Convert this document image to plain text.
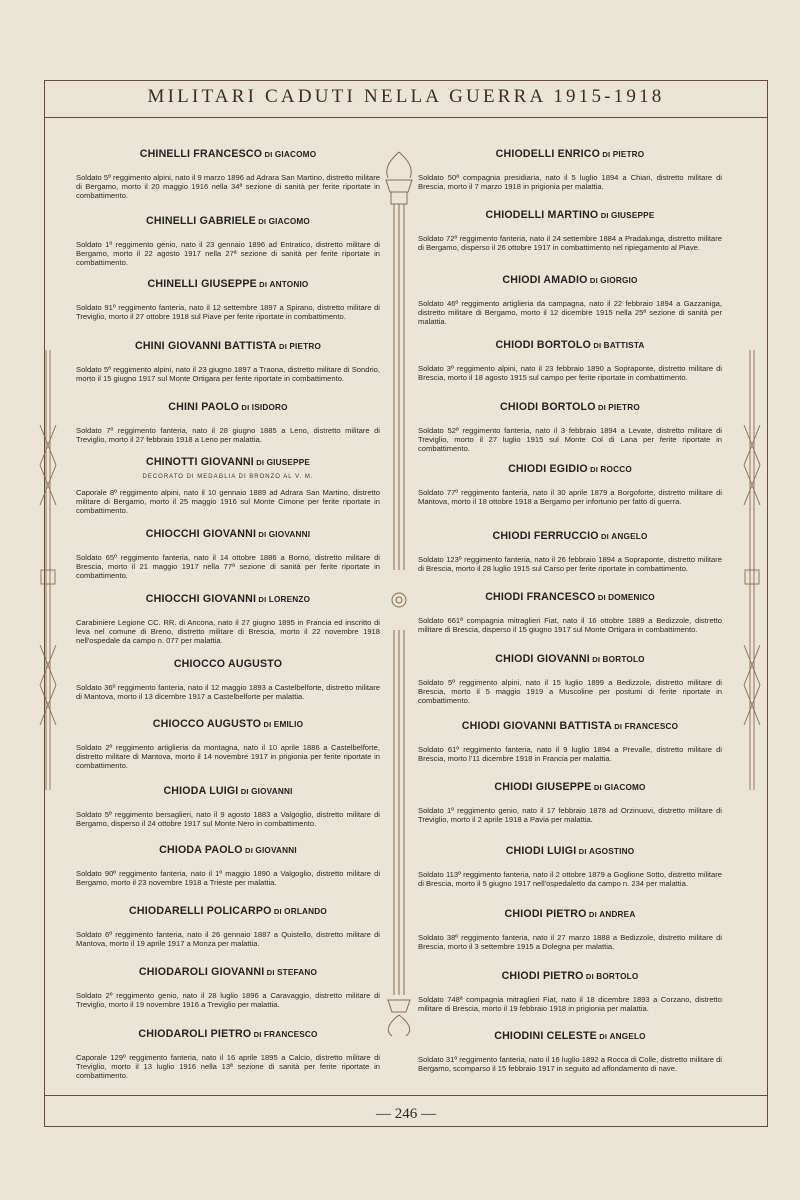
MILITARI CADUTI NELLA GUERRA 1915-1918
CHINELLI FRANCESCO DI GIACOMO

Soldato 5º reggimento alpini, nato il 9 marzo 1896 ad Adrara San Martino, distretto militare di Bergamo, morto il 20 maggio 1916 nella 34ª sezione di sanità per ferite riportate in combattimento.

CHINELLI GABRIELE DI GIACOMO

Soldato 1º reggimento genio, nato il 23 gennaio 1896 ad Entratico, distretto militare di Bergamo, morto il 22 agosto 1917 nella 27ª sezione di sanità per ferite riportate in combattimento.

CHINELLI GIUSEPPE DI ANTONIO

Soldato 91º reggimento fanteria, nato il 12 settembre 1897 a Spirano, distretto militare di Treviglio, morto il 27 ottobre 1918 sul Piave per ferite riportate in combattimento.

CHINI GIOVANNI BATTISTA DI PIETRO

Soldato 5º reggimento alpini, nato il 23 giugno 1897 a Traona, distretto militare di Sondrio, morto il 15 giugno 1917 sul Monte Ortigara per ferite riportate in combattimento.

CHINI PAOLO DI ISIDORO

Soldato 7º reggimento fanteria, nato il 28 giugno 1885 a Leno, distretto militare di Treviglio, morto il 27 febbraio 1918 a Leno per malattia.

CHINOTTI GIOVANNI DI GIUSEPPE
DECORATO DI MEDAGLIA DI BRONZO AL V. M.

Caporale 8º reggimento alpini, nato il 10 gennaio 1889 ad Adrara San Martino, distretto militare di Bergamo, morto il 25 maggio 1916 sul Monte Cimone per ferite riportate in combattimento.

CHIOCCHI GIOVANNI DI GIOVANNI

Soldato 65º reggimento fanteria, nato il 14 ottobre 1886 a Borno, distretto militare di Brescia, morto il 21 maggio 1917 nella 77ª sezione di sanità per ferite riportate in combattimento.

CHIOCCHI GIOVANNI DI LORENZO

Carabiniere Legione CC. RR. di Ancona, nato il 27 giugno 1895 in Francia ed inscritto di leva nel comune di Breno, distretto militare di Brescia, morto il 22 novembre 1918 nell'ospedale da campo n. 077 per malattia.

CHIOCCO AUGUSTO

Soldato 36º reggimento fanteria, nato il 12 maggio 1893 a Castelbelforte, distretto militare di Mantova, morto il 13 dicembre 1917 a Castelbelforte per malattia.

CHIOCCO AUGUSTO DI EMILIO

Soldato 2º reggimento artiglieria da montagna, nato il 10 aprile 1886 a Castelbelforte, distretto militare di Mantova, morto il 14 novembre 1917 in prigionia per ferite riportate in combattimento.

CHIODA LUIGI DI GIOVANNI

Soldato 5º reggimento bersaglieri, nato il 9 agosto 1883 a Valgoglio, distretto militare di Bergamo, disperso il 24 ottobre 1917 sul Monte Nero in combattimento.

CHIODA PAOLO DI GIOVANNI

Soldato 90º reggimento fanteria, nato il 1º maggio 1890 a Valgoglio, distretto militare di Bergamo, morto il 23 novembre 1918 a Trieste per malattia.

CHIODARELLI POLICARPO DI ORLANDO

Soldato 6º reggimento fanteria, nato il 26 gennaio 1887 a Quistello, distretto militare di Mantova, morto il 19 aprile 1917 a Monza per malattia.

CHIODAROLI GIOVANNI DI STEFANO

Soldato 2º reggimento genio, nato il 28 luglio 1896 a Caravaggio, distretto militare di Treviglio, morto il 19 novembre 1916 a Treviglio per malattia.

CHIODAROLI PIETRO DI FRANCESCO

Caporale 129º reggimento fanteria, nato il 16 aprile 1895 a Calcio, distretto militare di Treviglio, morto il 13 luglio 1916 nella 13ª sezione di sanità per ferite riportate in combattimento.

CHIODELLI ENRICO DI PIETRO

Soldato 50ª compagnia presidiaria, nato il 5 luglio 1894 a Chiari, distretto militare di Brescia, morto il 7 marzo 1918 in prigionia per malattia.

CHIODELLI MARTINO DI GIUSEPPE

Soldato 72º reggimento fanteria, nato il 24 settembre 1884 a Pradalunga, distretto militare di Bergamo, disperso il 26 ottobre 1917 in combattimento nel ripiegamento al Piave.

CHIODI AMADIO DI GIORGIO

Soldato 46º reggimento artiglieria da campagna, nato il 22 febbraio 1894 a Gazzaniga, distretto militare di Bergamo, morto il 12 dicembre 1915 nella 25ª sezione di sanità per malattia.

CHIODI BORTOLO DI BATTISTA

Soldato 3º reggimento alpini, nato il 23 febbraio 1890 a Sopraponte, distretto militare di Brescia, morto il 18 agosto 1915 sul campo per ferite riportate in combattimento.

CHIODI BORTOLO DI PIETRO

Soldato 52º reggimento fanteria, nato il 3 febbraio 1894 a Levate, distretto militare di Treviglio, morto il 27 luglio 1915 sul Monte Col di Lana per ferite riportate in combattimento.

CHIODI EGIDIO DI ROCCO

Soldato 77º reggimento fanteria, nato il 30 aprile 1879 a Borgoforte, distretto militare di Mantova, morto il 18 ottobre 1918 a Bergamo per infortunio per fatto di guerra.

CHIODI FERRUCCIO DI ANGELO

Soldato 123º reggimento fanteria, nato il 26 febbraio 1894 a Sopraponte, distretto militare di Brescia, morto il 28 luglio 1915 sul Carso per ferite riportate in combattimento.

CHIODI FRANCESCO DI DOMENICO

Soldato 661ª compagnia mitraglieri Fiat, nato il 16 ottobre 1889 a Bedizzole, distretto militare di Brescia, disperso il 15 giugno 1917 sul Monte Ortigara in combattimento.

CHIODI GIOVANNI DI BORTOLO

Soldato 5º reggimento alpini, nato il 15 luglio 1899 a Bedizzole, distretto militare di Brescia, morto il 5 maggio 1919 a Muscoline per postumi di ferite riportate in combattimento.

CHIODI GIOVANNI BATTISTA DI FRANCESCO

Soldato 61º reggimento fanteria, nato il 9 luglio 1894 a Prevalle, distretto militare di Brescia, morto l'11 dicembre 1918 in Francia per malattia.

CHIODI GIUSEPPE DI GIACOMO

Soldato 1º reggimento genio, nato il 17 febbraio 1878 ad Orzinuovi, distretto militare di Treviglio, morto il 2 aprile 1918 a Pavia per malattia.

CHIODI LUIGI DI AGOSTINO

Soldato 113º reggimento fanteria, nato il 2 ottobre 1879 a Goglione Sotto, distretto militare di Brescia, morto il 5 giugno 1917 nell'ospedaletto da campo n. 234 per malattia.

CHIODI PIETRO DI ANDREA

Soldato 38º reggimento fanteria, nato il 27 marzo 1888 a Bedizzole, distretto militare di Brescia, morto il 3 settembre 1915 a Dolegna per malattia.

CHIODI PIETRO DI BORTOLO

Soldato 748ª compagnia mitraglieri Fiat, nato il 18 dicembre 1893 a Corzano, distretto militare di Brescia, morto il 19 febbraio 1918 in prigionia per malattia.

CHIODINI CELESTE DI ANGELO

Soldato 31º reggimento fanteria, nato il 16 luglio 1892 a Rocca di Colle, distretto militare di Bergamo, scomparso il 15 febbraio 1917 in seguito ad affondamento di nave.

— 246 —
